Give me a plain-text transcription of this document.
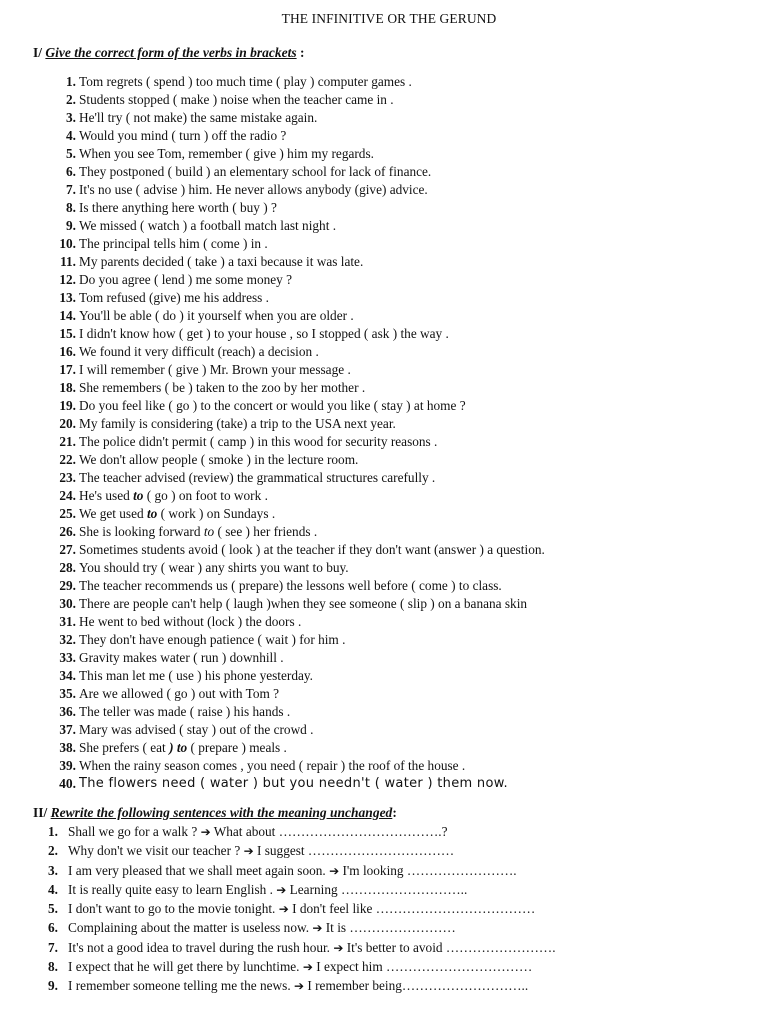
THE INFINITIVE OR THE GERUND
I/ Give the correct form of the verbs in brackets :
1. Tom regrets ( spend ) too much time ( play ) computer games .
2. Students stopped ( make ) noise when the teacher came in .
3. He'll try ( not make) the same mistake again.
4. Would you mind ( turn ) off the radio ?
5. When you see Tom, remember ( give ) him my regards.
6. They postponed ( build ) an elementary school for lack of finance.
7. It's no use ( advise ) him. He never allows anybody (give) advice.
8. Is there anything here worth ( buy ) ?
9. We missed ( watch ) a football match last night .
10. The principal tells him ( come ) in .
11. My parents decided ( take ) a taxi because it was late.
12. Do you agree ( lend ) me some money ?
13. Tom refused (give) me his address .
14. You'll be able ( do ) it yourself when you are older .
15. I didn't know how ( get ) to your house , so I stopped ( ask ) the way .
16. We found it very difficult (reach) a decision .
17. I will remember ( give ) Mr. Brown your message .
18. She remembers ( be ) taken to the zoo by her mother .
19. Do you feel like ( go ) to the concert or would you like ( stay ) at home ?
20. My family is considering (take) a trip to the USA next year.
21. The police didn't permit ( camp ) in this wood for security reasons .
22. We don't allow people ( smoke ) in the lecture room.
23. The teacher advised (review) the grammatical structures carefully .
24. He's used to ( go ) on foot to work .
25. We get used to ( work ) on Sundays .
26. She is looking forward to ( see ) her friends .
27. Sometimes students avoid ( look ) at the teacher if they don't want (answer ) a question.
28. You should try ( wear ) any shirts you want to buy.
29. The teacher recommends us ( prepare) the lessons well before ( come ) to class.
30. There are people can't help ( laugh )when they see someone ( slip ) on a banana skin
31. He went to bed without (lock ) the doors .
32. They don't have enough patience ( wait ) for him .
33. Gravity makes water ( run ) downhill .
34. This man let me ( use ) his phone yesterday.
35. Are we allowed ( go ) out with Tom ?
36. The teller was made ( raise ) his hands .
37. Mary was advised ( stay ) out of the crowd .
38. She prefers ( eat ) to ( prepare ) meals .
39. When the rainy season comes , you need ( repair ) the roof of the house .
40. The flowers need ( water ) but you needn't ( water ) them now.
II/ Rewrite the following sentences with the meaning unchanged:
1. Shall we go for a walk ? ➔ What about ……………………………….?
2. Why don't we visit our teacher ? ➔ I suggest ……………………………
3. I am very pleased that we shall meet again soon. ➔ I'm looking …………………….
4. It is really quite easy to learn English . ➔ Learning ………………………..
5. I don't want to go to the movie tonight. ➔ I don't feel like ………………………………
6. Complaining about the matter is useless now. ➔ It is ……………………
7. It's not a good idea to travel during the rush hour. ➔ It's better to avoid …………………….
8. I expect that he will get there by lunchtime. ➔ I expect him ……………………………
9. I remember someone telling me the news. ➔ I remember being………………………..
